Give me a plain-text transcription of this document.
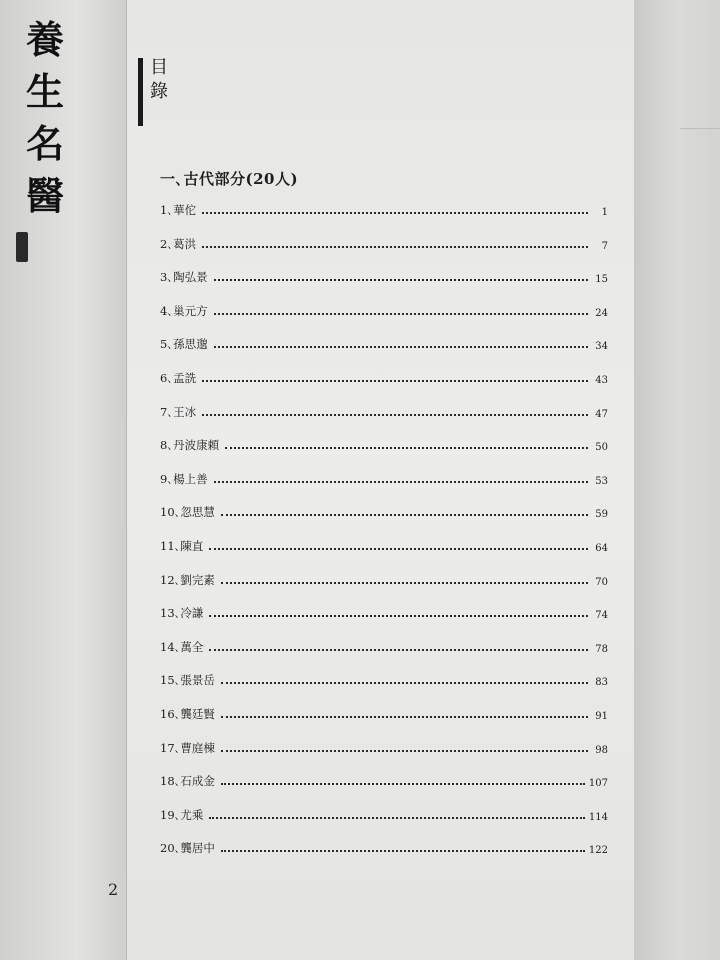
養生名醫
2
目錄
一､古代部分(20人)
1､華佗	1
2､葛洪	7
3､陶弘景	15
4､巢元方	24
5､孫思邈	34
6､孟詵	43
7､王冰	47
8､丹波康頼	50
9､楊上善	53
10､忽思慧	59
11､陳直	64
12､劉完素	70
13､冷謙	74
14､萬全	78
15､張景岳	83
16､龔廷賢	91
17､曹庭棟	98
18､石成金	107
19､尤乘	114
20､龔居中	122
